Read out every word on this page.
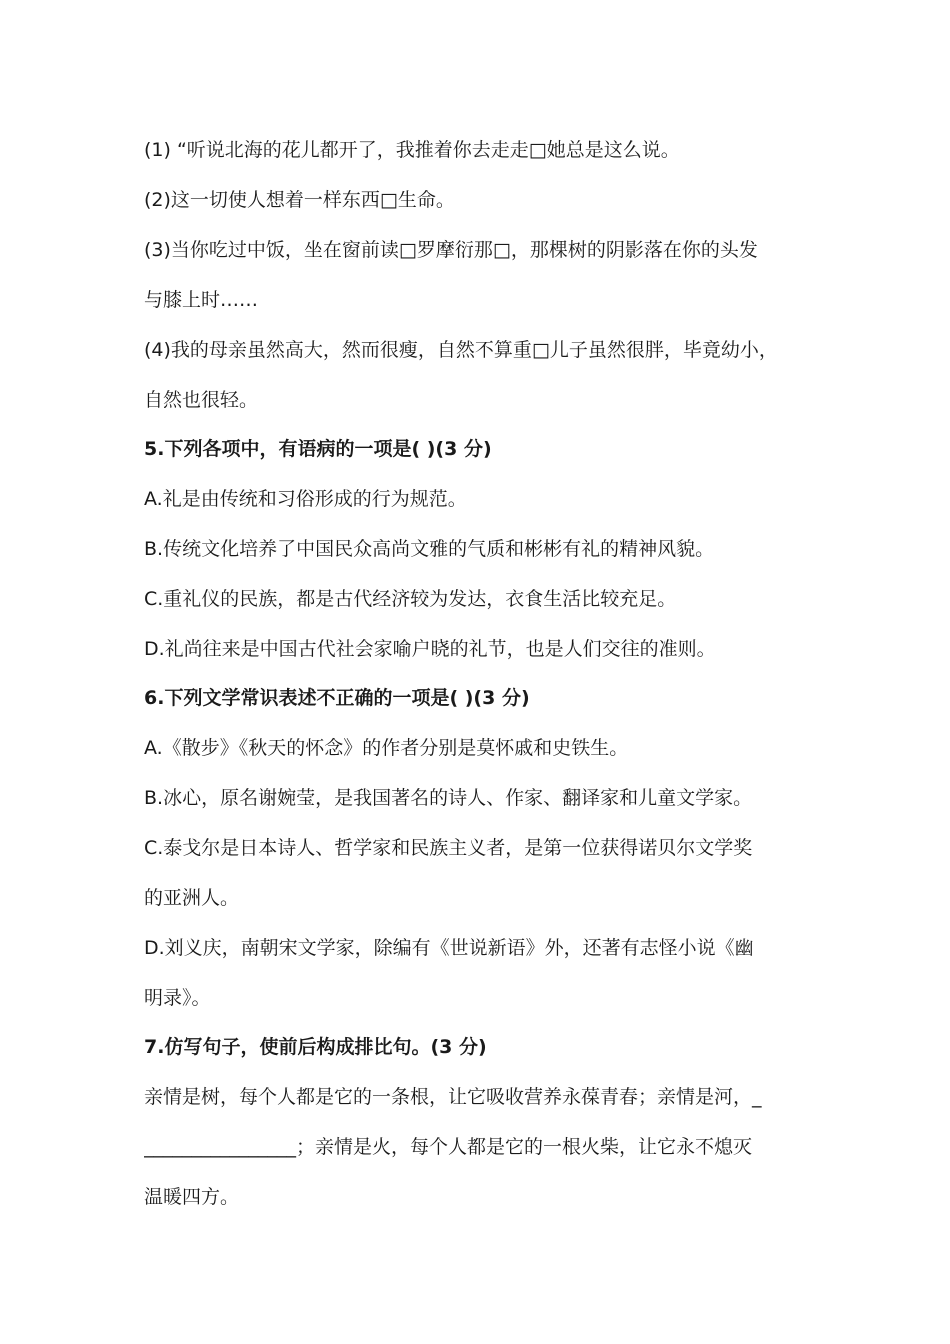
(1) “听说北海的花儿都开了，我推着你去走走□她总是这么说。
(2)这一切使人想着一样东西□生命。
(3)当你吃过中饭，坐在窗前读□罗摩衍那□，那棵树的阴影落在你的头发
与膝上时……
(4)我的母亲虽然高大，然而很瘦，自然不算重□儿子虽然很胖，毕竟幼小，
自然也很轻。
5.下列各项中，有语病的一项是( )(3 分)
A.礼是由传统和习俗形成的行为规范。
B.传统文化培养了中国民众高尚文雅的气质和彬彬有礼的精神风貌。
C.重礼仪的民族，都是古代经济较为发达，衣食生活比较充足。
D.礼尚往来是中国古代社会家喻户晓的礼节，也是人们交往的准则。
6.下列文学常识表述不正确的一项是( )(3 分)
A.《散步》《秋天的怀念》的作者分别是莫怀戚和史铁生。
B.冰心，原名谢婉莹，是我国著名的诗人、作家、翻译家和儿童文学家。
C.泰戈尔是日本诗人、哲学家和民族主义者，是第一位获得诺贝尔文学奖
的亚洲人。
D.刘义庆，南朝宋文学家，除编有《世说新语》外，还著有志怪小说《幽
明录》。
7.仿写句子，使前后构成排比句。(3 分)
亲情是树，每个人都是它的一条根，让它吸收营养永葆青春；亲情是河，_
________________；亲情是火，每个人都是它的一根火柴，让它永不熄灭
温暖四方。
